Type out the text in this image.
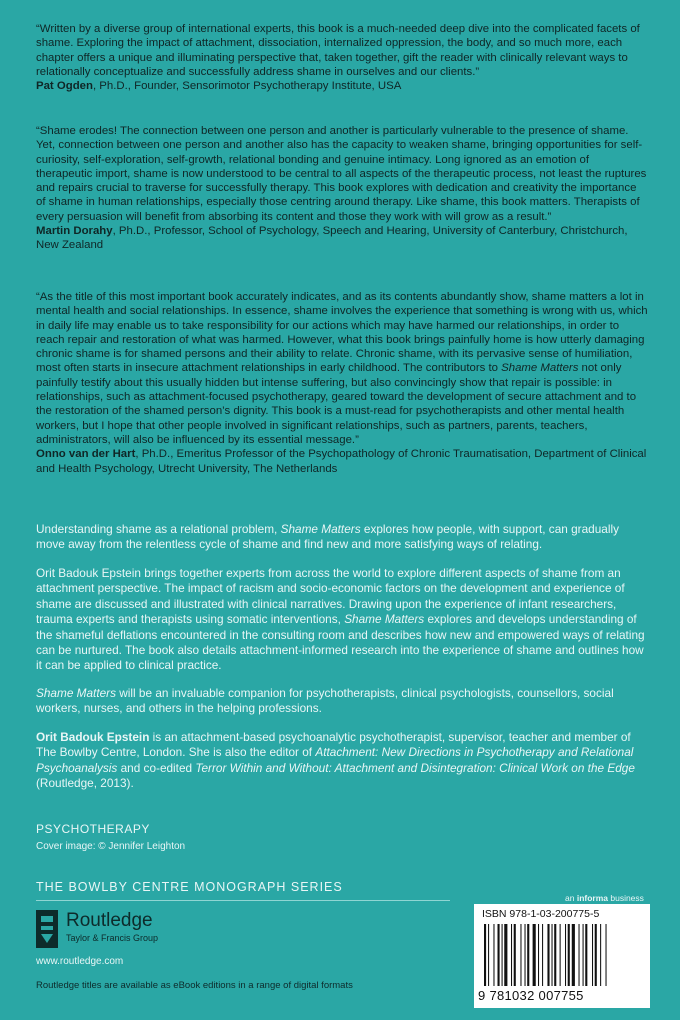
“Written by a diverse group of international experts, this book is a much-needed deep dive into the complicated facets of shame. Exploring the impact of attachment, dissociation, internalized oppression, the body, and so much more, each chapter offers a unique and illuminating perspective that, taken together, gift the reader with clinically relevant ways to relationally conceptualize and successfully address shame in ourselves and our clients.”
Pat Ogden, Ph.D., Founder, Sensorimotor Psychotherapy Institute, USA

“Shame erodes! The connection between one person and another is particularly vulnerable to the presence of shame. Yet, connection between one person and another also has the capacity to weaken shame, bringing opportunities for self-curiosity, self-exploration, self-growth, relational bonding and genuine intimacy. Long ignored as an emotion of therapeutic import, shame is now understood to be central to all aspects of the therapeutic process, not least the ruptures and repairs crucial to traverse for successfully therapy. This book explores with dedication and creativity the importance of shame in human relationships, especially those centring around therapy. Like shame, this book matters. Therapists of every persuasion will benefit from absorbing its content and those they work with will grow as a result.”
Martin Dorahy, Ph.D., Professor, School of Psychology, Speech and Hearing, University of Canterbury, Christchurch, New Zealand

“As the title of this most important book accurately indicates, and as its contents abundantly show, shame matters a lot in mental health and social relationships. In essence, shame involves the experience that something is wrong with us, which in daily life may enable us to take responsibility for our actions which may have harmed our relationships, in order to reach repair and restoration of what was harmed. However, what this book brings painfully home is how utterly damaging chronic shame is for shamed persons and their ability to relate. Chronic shame, with its pervasive sense of humiliation, most often starts in insecure attachment relationships in early childhood. The contributors to Shame Matters not only painfully testify about this usually hidden but intense suffering, but also convincingly show that repair is possible: in relationships, such as attachment-focused psychotherapy, geared toward the development of secure attachment and to the restoration of the shamed person’s dignity. This book is a must-read for psychotherapists and other mental health workers, but I hope that other people involved in significant relationships, such as partners, parents, teachers, administrators, will also be influenced by its essential message.”
Onno van der Hart, Ph.D., Emeritus Professor of the Psychopathology of Chronic Traumatisation, Department of Clinical and Health Psychology, Utrecht University, The Netherlands

Understanding shame as a relational problem, Shame Matters explores how people, with support, can gradually move away from the relentless cycle of shame and find new and more satisfying ways of relating.

Orit Badouk Epstein brings together experts from across the world to explore different aspects of shame from an attachment perspective. The impact of racism and socio-economic factors on the development and experience of shame are discussed and illustrated with clinical narratives. Drawing upon the experience of infant researchers, trauma experts and therapists using somatic interventions, Shame Matters explores and develops understanding of the shameful deflations encountered in the consulting room and describes how new and empowered ways of relating can be nurtured. The book also details attachment-informed research into the experience of shame and outlines how it can be applied to clinical practice.

Shame Matters will be an invaluable companion for psychotherapists, clinical psychologists, counsellors, social workers, nurses, and others in the helping professions.

Orit Badouk Epstein is an attachment-based psychoanalytic psychotherapist, supervisor, teacher and member of The Bowlby Centre, London. She is also the editor of Attachment: New Directions in Psychotherapy and Relational Psychoanalysis and co-edited Terror Within and Without: Attachment and Disintegration: Clinical Work on the Edge (Routledge, 2013).

PSYCHOTHERAPY
Cover image: © Jennifer Leighton
THE BOWLBY CENTRE MONOGRAPH SERIES
Routledge
Taylor & Francis Group
www.routledge.com
Routledge titles are available as eBook editions in a range of digital formats
an informa business
ISBN 978-1-03-200775-5
9 781032 007755
